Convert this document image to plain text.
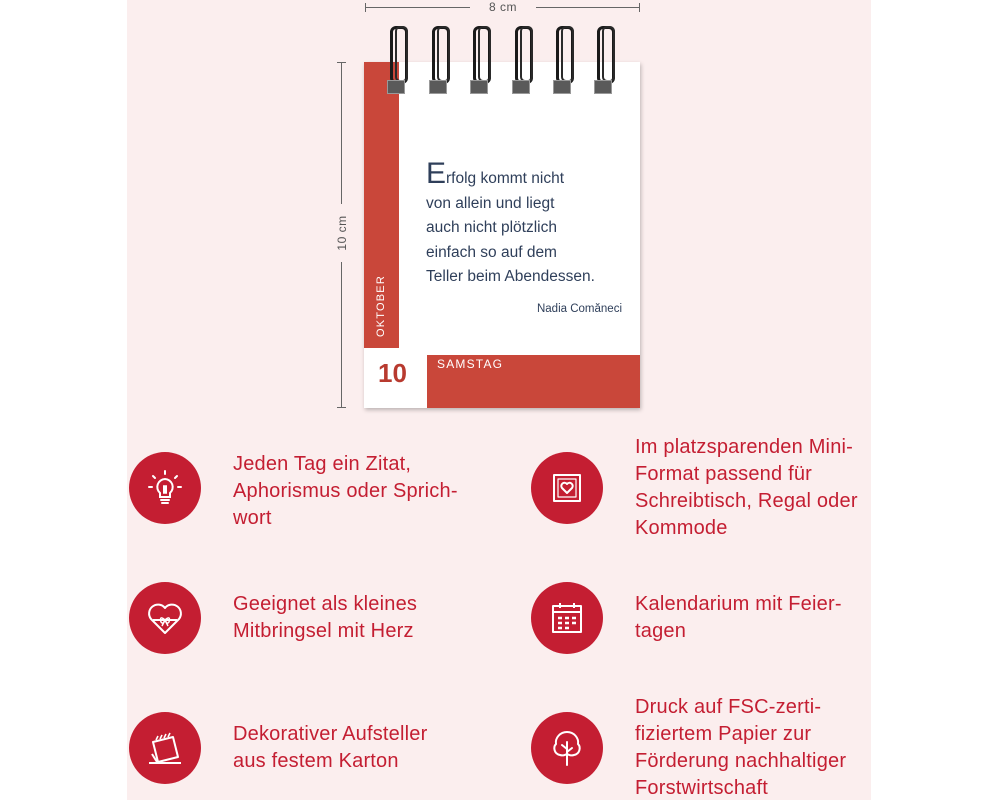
8 cm
10 cm
OKTOBER
10	SAMSTAG
Erfolg kommt nicht
von allein und liegt
auch nicht plötzlich
einfach so auf dem
Teller beim Abendessen.
Nadia Comăneci
Jeden Tag ein Zitat,
Aphorismus oder Sprich-
wort
Im platzsparenden Mini-
Format passend für
Schreibtisch, Regal oder
Kommode
Geeignet als kleines
Mitbringsel mit Herz
Kalendarium mit Feier-
tagen
Dekorativer Aufsteller
aus festem Karton
Druck auf FSC-zerti-
fiziertem Papier zur
Förderung nachhaltiger
Forstwirtschaft
